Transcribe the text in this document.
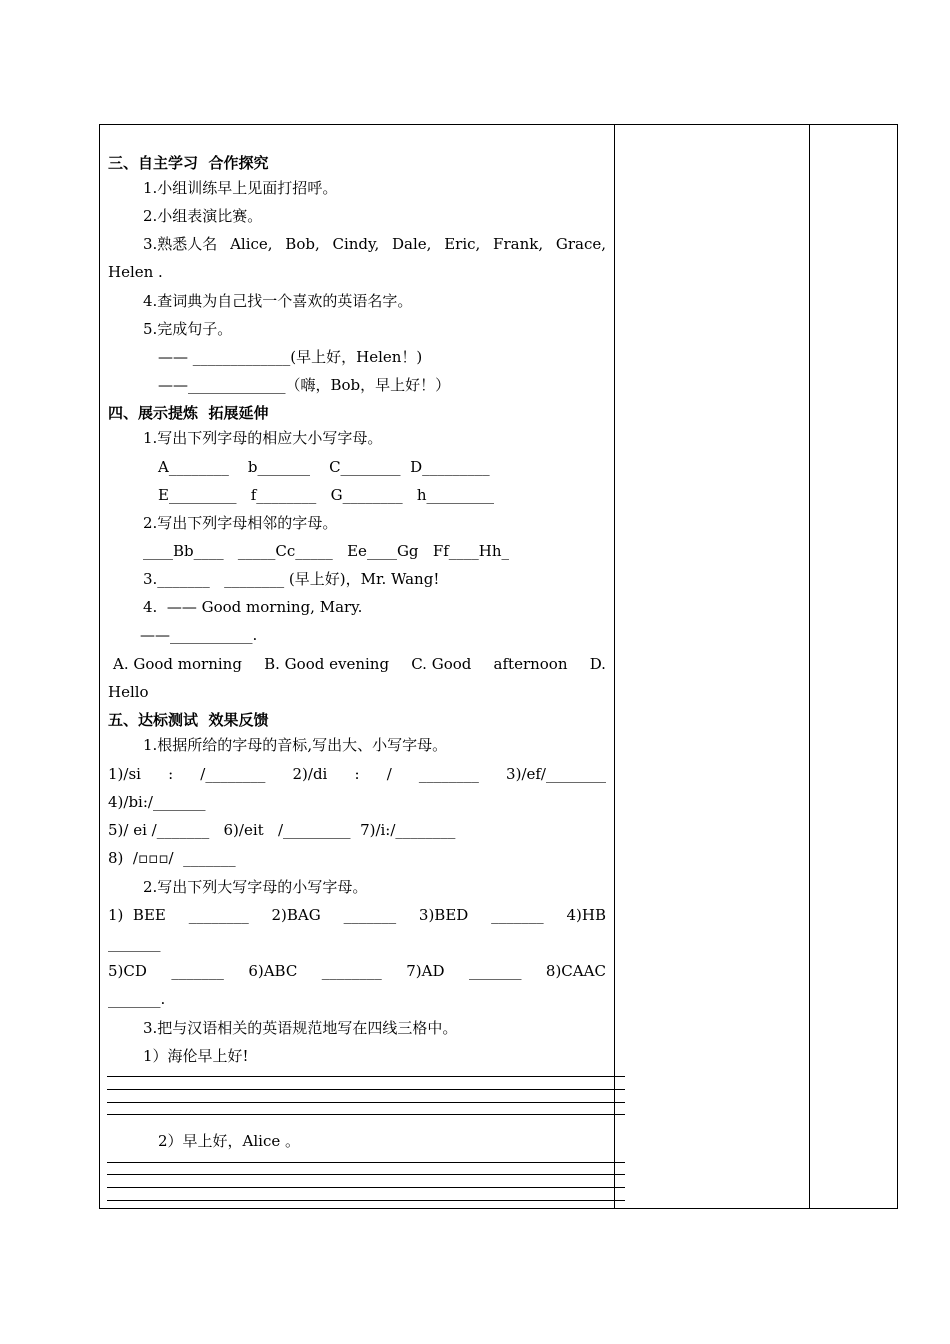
三、自主学习  合作探究
1.小组训练早上见面打招呼。
2.小组表演比赛。
3.熟悉人名 Alice, Bob, Cindy, Dale, Eric, Frank, Grace,
Helen .
4.查词典为自己找一个喜欢的英语名字。
5.完成句子。
—— _____________(早上好，Helen！)
——_____________（嗨，Bob，早上好！）
四、展示提炼  拓展延伸
1.写出下列字母的相应大小写字母。
A________    b_______    C________  D_________
E_________   f________   G________   h_________
2.写出下列字母相邻的字母。
____Bb____   _____Cc_____   Ee____Gg   Ff____Hh_
3._______   ________ (早上好)，Mr. Wang!
4.  —— Good morning, Mary.
——___________.
A. Good morning B. Good evening C. Good afternoon D.
Hello
五、达标测试  效果反馈
1.根据所给的字母的音标,写出大、小写字母。
1)/si : /________ 2)/di : / ________ 3)/ef/________
4)/bi:/_______
5)/ ei /_______   6)/eit   /_________  7)/i:/________
8)  /▫▫▫/  _______
2.写出下列大写字母的小写字母。
1)  BEE ________ 2)BAG _______ 3)BED _______ 4)HB
_______
5)CD _______ 6)ABC ________ 7)AD _______ 8)CAAC
_______.
3.把与汉语相关的英语规范地写在四线三格中。
1）海伦早上好!
2）早上好，Alice 。
